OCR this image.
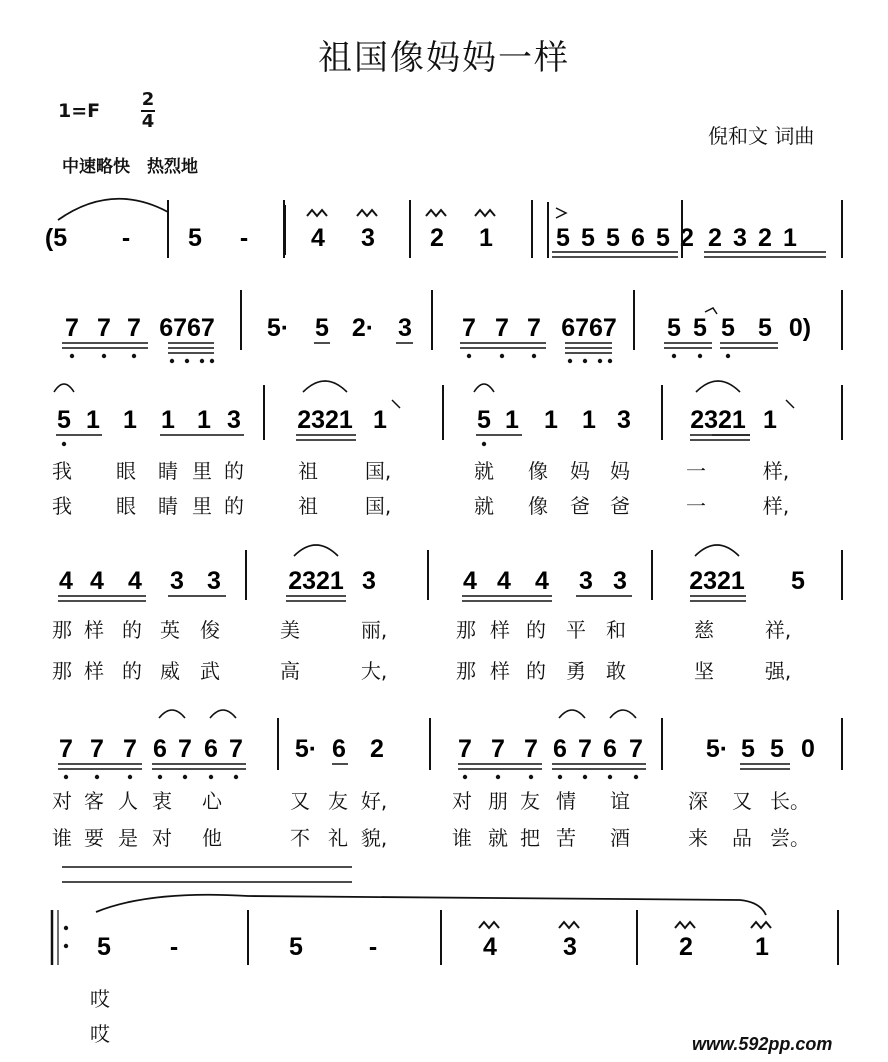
祖国像妈妈一样
1=F
2
4
中速略快　热烈地
倪和文 词曲
(5 - 5 -	4 3 2 1	5 5 5 6 5 2 2 3 2 1
7 7 7 6767 5· 5 2· 3 7 7 7 6767 5 5 5 5 0)
5 1 1 1 1 3 2321 1	5 1 1 1 3 2321 1
4 4 4 3 3	2321 3	4 4 4 3 3 2321 5
7 7 7 6 7 6 7 5· 6 2	7 7 7 6 7 6 7	5· 5 5 0
5 -	5	-	4	3	2 1
我 眼 睛 里 的	祖 国,	就 像 妈 妈	一	样,
我 眼 睛 里 的	祖 国,	就 像 爸 爸	一	样,
那 样 的 英 俊	美	丽,	那 样 的 平 和	慈	祥,
那 样 的 威 武	高	大,	那 样 的 勇 敢	坚	强,
对 客 人 衷 心	又 友 好,	对 朋 友 情 谊	深 又 长。
谁 要 是 对 他	不 礼 貌,	谁 就 把 苦 酒	来 品 尝。
哎
哎	www.592pp.com
